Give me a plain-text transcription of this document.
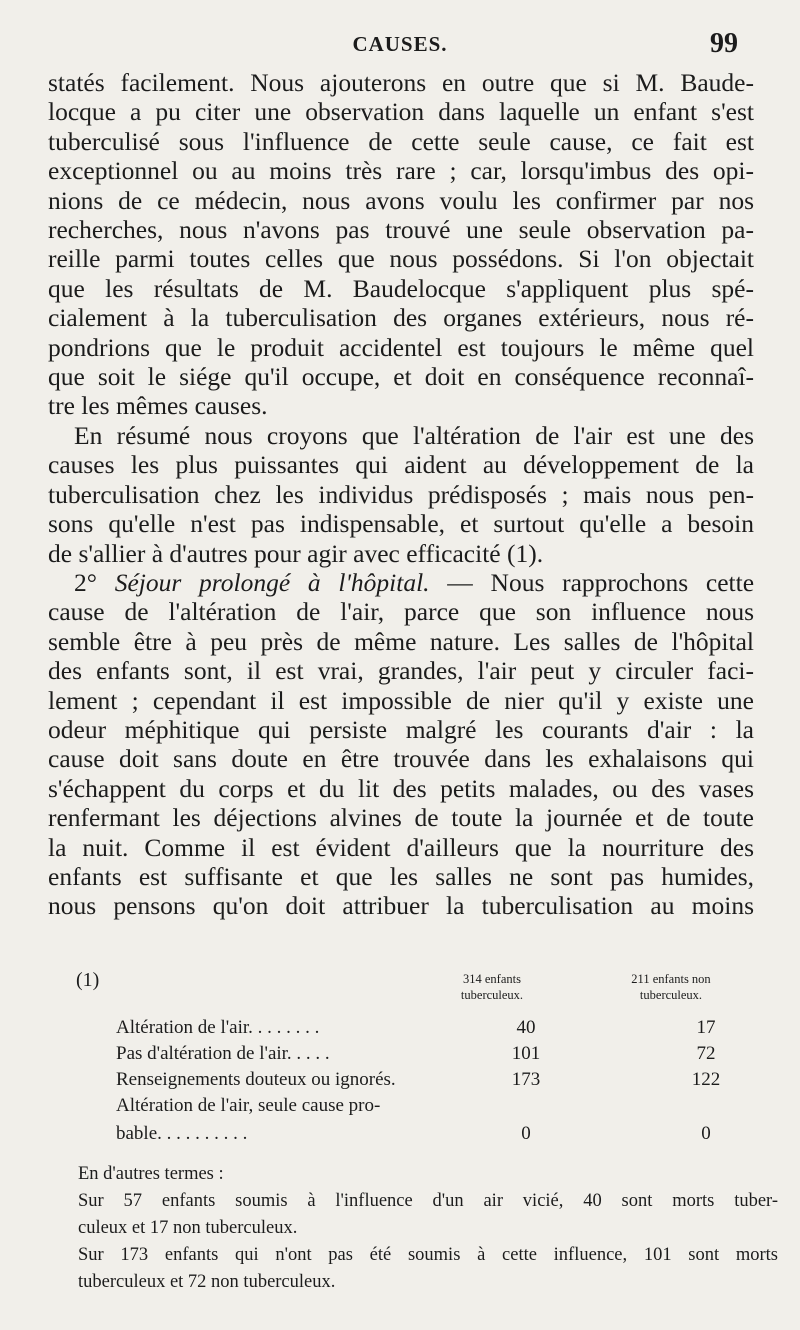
CAUSES.	99
statés facilement. Nous ajouterons en outre que si M. Baude-
locque a pu citer une observation dans laquelle un enfant s'est
tuberculisé sous l'influence de cette seule cause, ce fait est
exceptionnel ou au moins très rare ; car, lorsqu'imbus des opi-
nions de ce médecin, nous avons voulu les confirmer par nos
recherches, nous n'avons pas trouvé une seule observation pa-
reille parmi toutes celles que nous possédons. Si l'on objectait
que les résultats de M. Baudelocque s'appliquent plus spé-
cialement à la tuberculisation des organes extérieurs, nous ré-
pondrions que le produit accidentel est toujours le même quel
que soit le siége qu'il occupe, et doit en conséquence reconnaî-
tre les mêmes causes.
En résumé nous croyons que l'altération de l'air est une des
causes les plus puissantes qui aident au développement de la
tuberculisation chez les individus prédisposés ; mais nous pen-
sons qu'elle n'est pas indispensable, et surtout qu'elle a besoin
de s'allier à d'autres pour agir avec efficacité (1).
2° Séjour prolongé à l'hôpital. — Nous rapprochons cette
cause de l'altération de l'air, parce que son influence nous
semble être à peu près de même nature. Les salles de l'hôpital
des enfants sont, il est vrai, grandes, l'air peut y circuler faci-
lement ; cependant il est impossible de nier qu'il y existe une
odeur méphitique qui persiste malgré les courants d'air : la
cause doit sans doute en être trouvée dans les exhalaisons qui
s'échappent du corps et du lit des petits malades, ou des vases
renfermant les déjections alvines de toute la journée et de toute
la nuit. Comme il est évident d'ailleurs que la nourriture des
enfants est suffisante et que les salles ne sont pas humides,
nous pensons qu'on doit attribuer la tuberculisation au moins
(1)	314 enfants
tuberculeux.
211 enfants non
tuberculeux.
Altération de l'air. . . . . . . .	40	17
Pas d'altération de l'air. . . . .	101	72
Renseignements douteux ou ignorés.	173	122
Altération de l'air, seule cause pro-
bable. . . . . . . . . .	0	0
En d'autres termes :
Sur 57 enfants soumis à l'influence d'un air vicié, 40 sont morts tuber-
culeux et 17 non tuberculeux.
Sur 173 enfants qui n'ont pas été soumis à cette influence, 101 sont morts
tuberculeux et 72 non tuberculeux.
